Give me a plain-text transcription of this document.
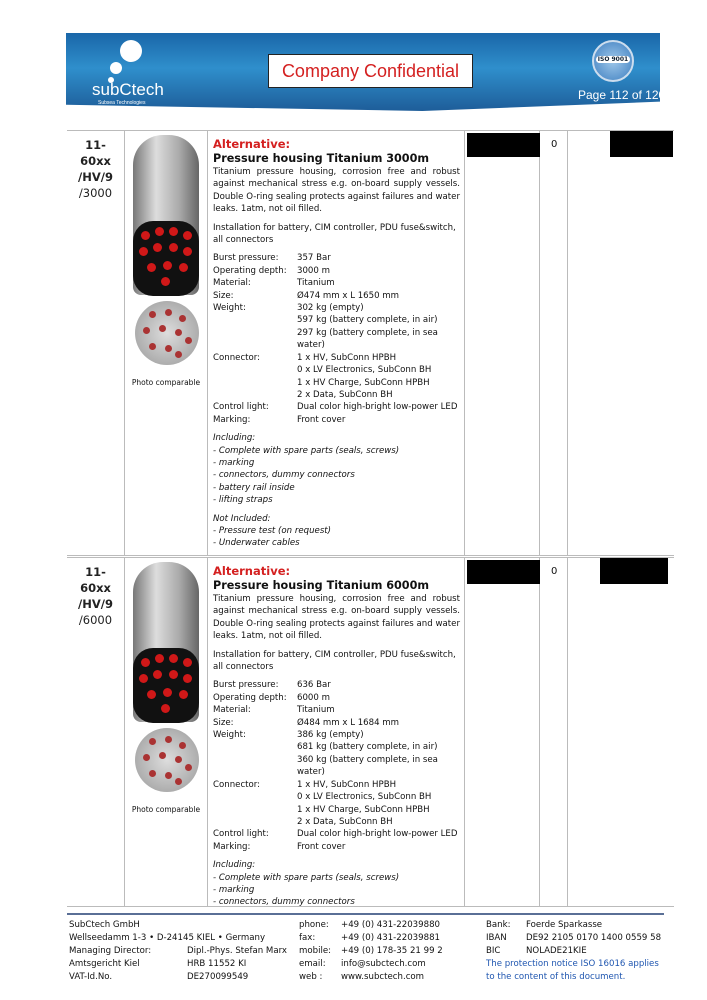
subCtech
Subsea Technologies
Company Confidential
ISO 9001
Page 112 of 120
11-
60xx
/HV/9
/3000
Photo comparable
Alternative:
Pressure housing Titanium 3000m
Titanium pressure housing, corrosion free and robust against mechanical stress e.g. on-board supply vessels. Double O-ring sealing protects against failures and water leaks. 1atm, not oil filled.
Installation for battery, CIM controller, PDU fuse&switch, all connectors
Burst pressure:	357 Bar
Operating depth:	3000 m
Material:	Titanium
Size:	Ø474 mm x L 1650 mm
Weight:	302 kg (empty)
597 kg (battery complete, in air)
297 kg (battery complete, in sea water)
Connector:	1 x HV, SubConn HPBH
0 x LV Electronics, SubConn BH
1 x HV Charge, SubConn HPBH
2 x Data, SubConn BH
Control light:	Dual color high-bright low-power LED
Marking:	Front cover
Including:
- Complete with spare parts (seals, screws)
- marking
- connectors, dummy connectors
- battery rail inside
- lifting straps
Not Included:
- Pressure test (on request)
- Underwater cables
0
11-
60xx
/HV/9
/6000
Photo comparable
Alternative:
Pressure housing Titanium 6000m
Titanium pressure housing, corrosion free and robust against mechanical stress e.g. on-board supply vessels. Double O-ring sealing protects against failures and water leaks. 1atm, not oil filled.
Installation for battery, CIM controller, PDU fuse&switch, all connectors
Burst pressure:	636 Bar
Operating depth:	6000 m
Material:	Titanium
Size:	Ø484 mm x L 1684 mm
Weight:	386 kg (empty)
681 kg (battery complete, in air)
360 kg (battery complete, in sea water)
Connector:	1 x HV, SubConn HPBH
0 x LV Electronics, SubConn BH
1 x HV Charge, SubConn HPBH
2 x Data, SubConn BH
Control light:	Dual color high-bright low-power LED
Marking:	Front cover
Including:
- Complete with spare parts (seals, screws)
- marking
- connectors, dummy connectors
0
SubCtech GmbH
Wellseedamm 1-3 • D-24145 KIEL • Germany
Managing Director:	Dipl.-Phys. Stefan Marx
Amtsgericht Kiel	HRB 11552 KI
VAT-Id.No.	DE270099549
phone: +49 (0) 431-22039880
fax:	+49 (0) 431-22039881
mobile: +49 (0) 178-35 21 99 2
email: info@subctech.com
web : www.subctech.com
Bank: Foerde Sparkasse
IBAN DE92 2105 0170 1400 0559 58
BIC	NOLADE21KIE
The protection notice ISO 16016 applies
to the content of this document.
